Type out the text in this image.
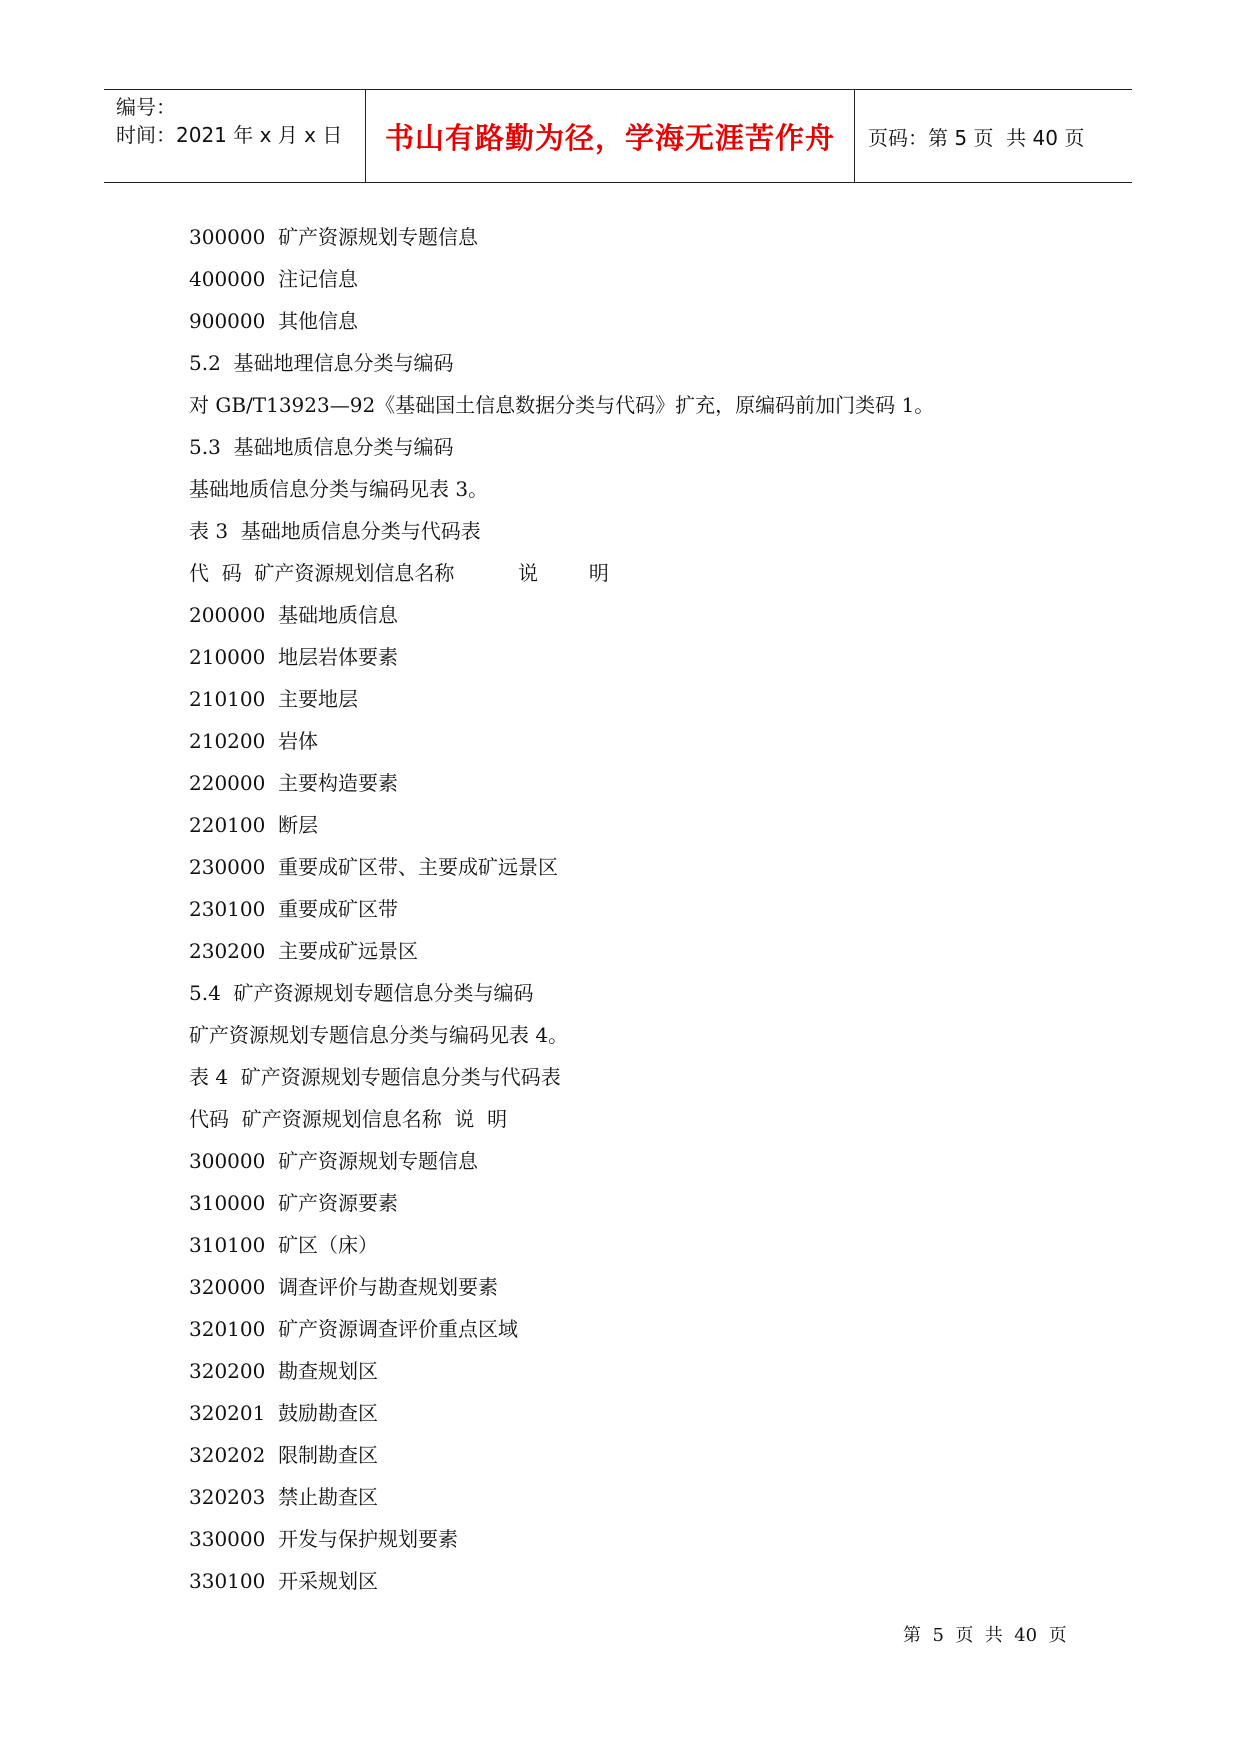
编号：
时间：2021 年 x 月 x 日	书山有路勤为径，学海无涯苦作舟	页码：第 5 页  共 40 页
300000  矿产资源规划专题信息
400000  注记信息
900000  其他信息
5.2  基础地理信息分类与编码
对 GB/T13923—92《基础国土信息数据分类与代码》扩充，原编码前加门类码 1。
5.3  基础地质信息分类与编码
基础地质信息分类与编码见表 3。
表 3  基础地质信息分类与代码表
代  码  矿产资源规划信息名称          说        明
200000  基础地质信息
210000  地层岩体要素
210100  主要地层
210200  岩体
220000  主要构造要素
220100  断层
230000  重要成矿区带、主要成矿远景区
230100  重要成矿区带
230200  主要成矿远景区
5.4  矿产资源规划专题信息分类与编码
矿产资源规划专题信息分类与编码见表 4。
表 4  矿产资源规划专题信息分类与代码表
代码  矿产资源规划信息名称  说  明
300000  矿产资源规划专题信息
310000  矿产资源要素
310100  矿区（床）
320000  调查评价与勘查规划要素
320100  矿产资源调查评价重点区域
320200  勘查规划区
320201  鼓励勘查区
320202  限制勘查区
320203  禁止勘查区
330000  开发与保护规划要素
330100  开采规划区
第  5  页  共  40  页
